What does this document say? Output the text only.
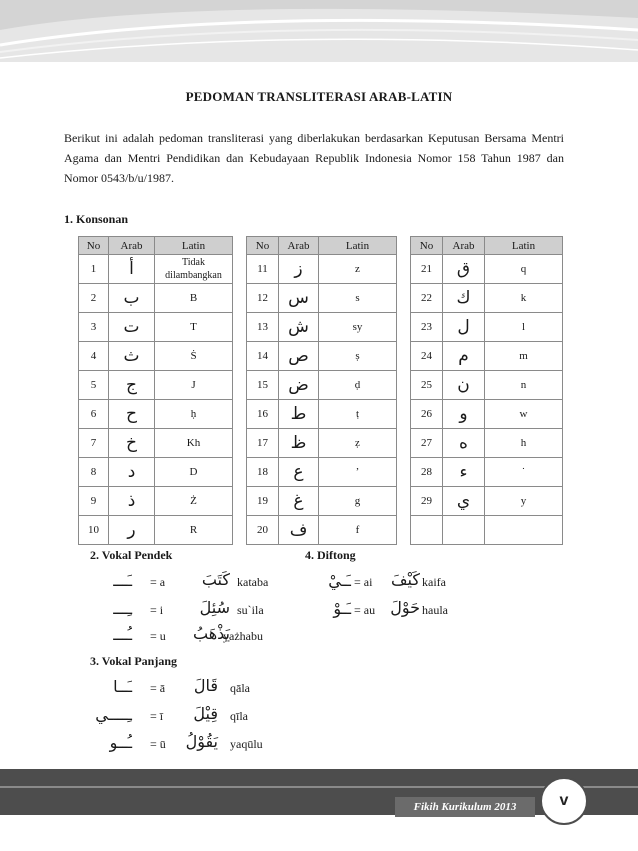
PEDOMAN TRANSLITERASI ARAB-LATIN
Berikut ini adalah pedoman transliterasi yang diberlakukan berdasarkan Keputusan Bersama Mentri Agama dan Mentri Pendidikan dan Kebudayaan Republik Indonesia Nomor 158 Tahun 1987 dan Nomor 0543/b/u/1987.
1. Konsonan
No	Arab	Latin		No	Arab	Latin		No	Arab	Latin
1	أ	Tidak dilambangkan		11	ز	z		21	ق	q
2	ب	B		12	س	s		22	ك	k
3	ت	T		13	ش	sy		23	ل	l
4	ث	Ṡ		14	ص	ṣ		24	م	m
5	ج	J		15	ض	ḍ		25	ن	n
6	ح	ḥ		16	ط	ṭ		26	و	w
7	خ	Kh		17	ظ	ẓ		27	ه	h
8	د	D		18	ع	’		28	ء	˙
9	ذ	Ż		19	غ	g		29	ي	y
10	ر	R		20	ف	f				
2. Vokal Pendek
ـَـــ = a كَتَبَ kataba
ـِـــ = i سُئِلَ su`ila
ـُـــ = u يَذْهَبُ
yażhabu
3. Vokal Panjang
ـَــا = ā قَالَ qāla
ـِــــي = ī قِيْلَ qīla
ـُــو = ū يَقُوْلُ yaqūlu
4. Diftong
ـَـيْ = ai كَيْفَ kaifa
ـَـوْ = au حَوْلَ haula
Fikih Kurikulum 2013	v
